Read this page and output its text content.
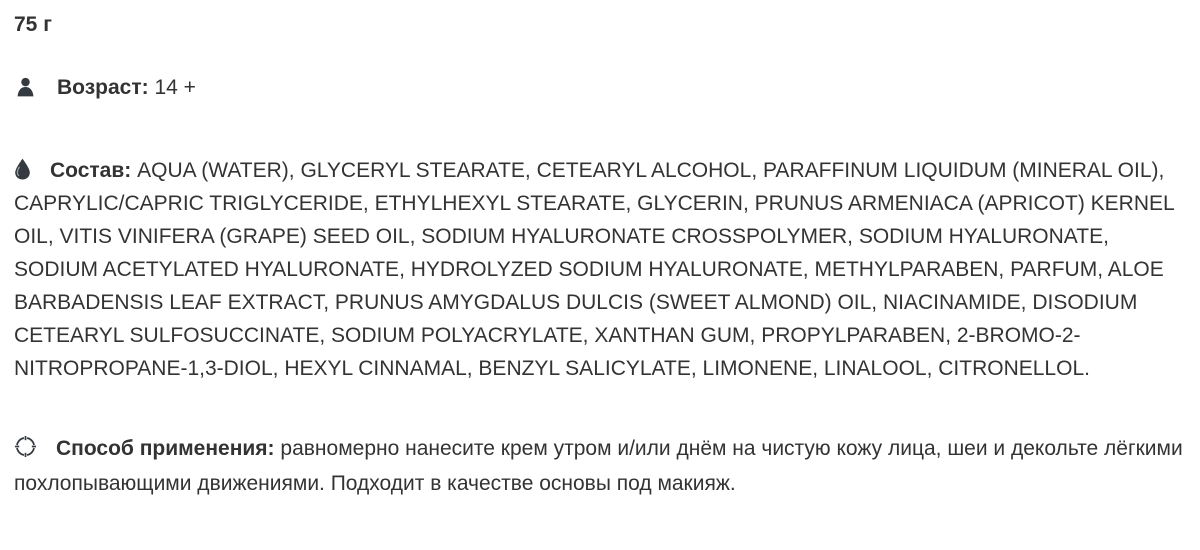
75 г
Возраст:
14 +

Состав: AQUA (WATER), GLYCERYL STEARATE, CETEARYL ALCOHOL, PARAFFINUM LIQUIDUM (MINERAL OIL), CAPRYLIC/CAPRIC TRIGLYCERIDE, ETHYLHEXYL STEARATE, GLYCERIN, PRUNUS ARMENIACA (APRICOT) KERNEL OIL, VITIS VINIFERA (GRAPE) SEED OIL, SODIUM HYALURONATE CROSSPOLYMER, SODIUM HYALURONATE, SODIUM ACETYLATED HYALURONATE, HYDROLYZED SODIUM HYALURONATE, METHYLPARABEN, PARFUM, ALOE BARBADENSIS LEAF EXTRACT, PRUNUS AMYGDALUS DULCIS (SWEET ALMOND) OIL, NIACINAMIDE, DISODIUM CETEARYL SULFOSUCCINATE, SODIUM POLYACRYLATE, XANTHAN GUM, PROPYLPARABEN, 2-BROMO-2-NITROPROPANE-1,3-DIOL, HEXYL CINNAMAL, BENZYL SALICYLATE, LIMONENE, LINALOOL, CITRONELLOL.

Способ применения: равномерно нанесите крем утром и/или днём на чистую кожу лица, шеи и декольте лёгкими похлопывающими движениями. Подходит в качестве основы под макияж.
